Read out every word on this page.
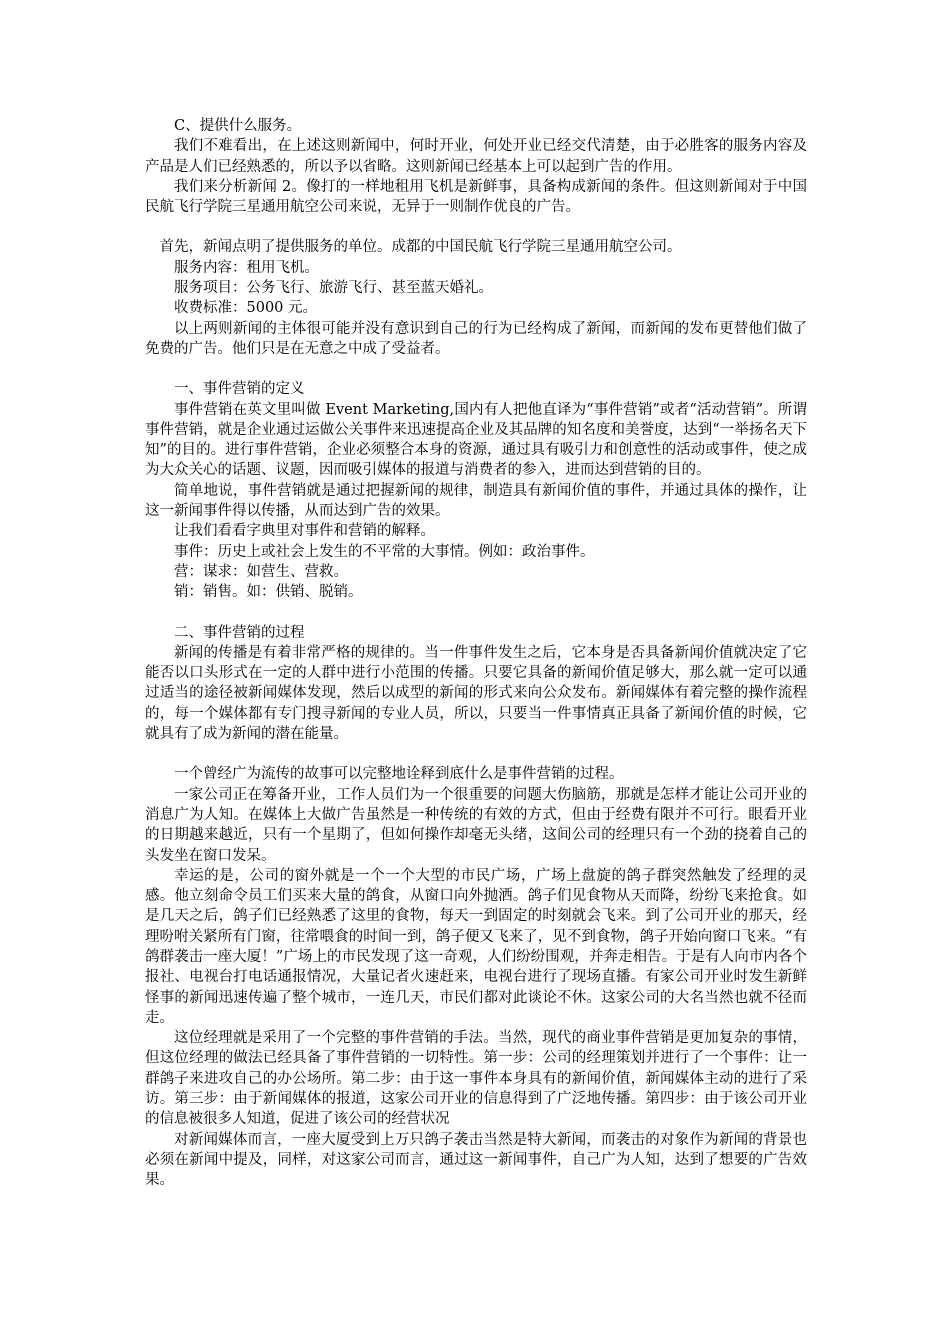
C、提供什么服务。

我们不难看出，在上述这则新闻中，何时开业，何处开业已经交代清楚，由于必胜客的服务内容及产品是人们已经熟悉的，所以予以省略。这则新闻已经基本上可以起到广告的作用。

我们来分析新闻 2。像打的一样地租用飞机是新鲜事，具备构成新闻的条件。但这则新闻对于中国民航飞行学院三星通用航空公司来说，无异于一则制作优良的广告。

首先，新闻点明了提供服务的单位。成都的中国民航飞行学院三星通用航空公司。

服务内容：租用飞机。

服务项目：公务飞行、旅游飞行、甚至蓝天婚礼。

收费标准：5000 元。

以上两则新闻的主体很可能并没有意识到自己的行为已经构成了新闻，而新闻的发布更替他们做了免费的广告。他们只是在无意之中成了受益者。

一、事件营销的定义

事件营销在英文里叫做 Event Marketing,国内有人把他直译为“事件营销”或者“活动营销”。所谓事件营销，就是企业通过运做公关事件来迅速提高企业及其品牌的知名度和美誉度，达到“一举扬名天下知”的目的。进行事件营销，企业必须整合本身的资源，通过具有吸引力和创意性的活动或事件，使之成为大众关心的话题、议题，因而吸引媒体的报道与消费者的参入，进而达到营销的目的。

简单地说，事件营销就是通过把握新闻的规律，制造具有新闻价值的事件，并通过具体的操作，让这一新闻事件得以传播，从而达到广告的效果。

让我们看看字典里对事件和营销的解释。

事件：历史上或社会上发生的不平常的大事情。例如：政治事件。

营：谋求：如营生、营救。

销：销售。如：供销、脱销。

二、事件营销的过程

新闻的传播是有着非常严格的规律的。当一件事件发生之后，它本身是否具备新闻价值就决定了它能否以口头形式在一定的人群中进行小范围的传播。只要它具备的新闻价值足够大，那么就一定可以通过适当的途径被新闻媒体发现，然后以成型的新闻的形式来向公众发布。新闻媒体有着完整的操作流程的，每一个媒体都有专门搜寻新闻的专业人员，所以，只要当一件事情真正具备了新闻价值的时候，它就具有了成为新闻的潜在能量。

一个曾经广为流传的故事可以完整地诠释到底什么是事件营销的过程。

一家公司正在筹备开业，工作人员们为一个很重要的问题大伤脑筋，那就是怎样才能让公司开业的消息广为人知。在媒体上大做广告虽然是一种传统的有效的方式，但由于经费有限并不可行。眼看开业的日期越来越近，只有一个星期了，但如何操作却毫无头绪，这间公司的经理只有一个劲的挠着自己的头发坐在窗口发呆。

幸运的是，公司的窗外就是一个一个大型的市民广场，广场上盘旋的鸽子群突然触发了经理的灵感。他立刻命令员工们买来大量的鸽食，从窗口向外抛洒。鸽子们见食物从天而降，纷纷飞来抢食。如是几天之后，鸽子们已经熟悉了这里的食物，每天一到固定的时刻就会飞来。到了公司开业的那天，经理吩咐关紧所有门窗，往常喂食的时间一到，鸽子便又飞来了，见不到食物，鸽子开始向窗口飞来。“有鸽群袭击一座大厦！”广场上的市民发现了这一奇观，人们纷纷围观，并奔走相告。于是有人向市内各个报社、电视台打电话通报情况，大量记者火速赶来，电视台进行了现场直播。有家公司开业时发生新鲜怪事的新闻迅速传遍了整个城市，一连几天，市民们都对此谈论不休。这家公司的大名当然也就不径而走。

这位经理就是采用了一个完整的事件营销的手法。当然，现代的商业事件营销是更加复杂的事情，但这位经理的做法已经具备了事件营销的一切特性。第一步：公司的经理策划并进行了一个事件：让一群鸽子来进攻自己的办公场所。第二步：由于这一事件本身具有的新闻价值，新闻媒体主动的进行了采访。第三步：由于新闻媒体的报道，这家公司开业的信息得到了广泛地传播。第四步：由于该公司开业的信息被很多人知道，促进了该公司的经营状况

对新闻媒体而言，一座大厦受到上万只鸽子袭击当然是特大新闻，而袭击的对象作为新闻的背景也必须在新闻中提及，同样，对这家公司而言，通过这一新闻事件，自己广为人知，达到了想要的广告效果。
